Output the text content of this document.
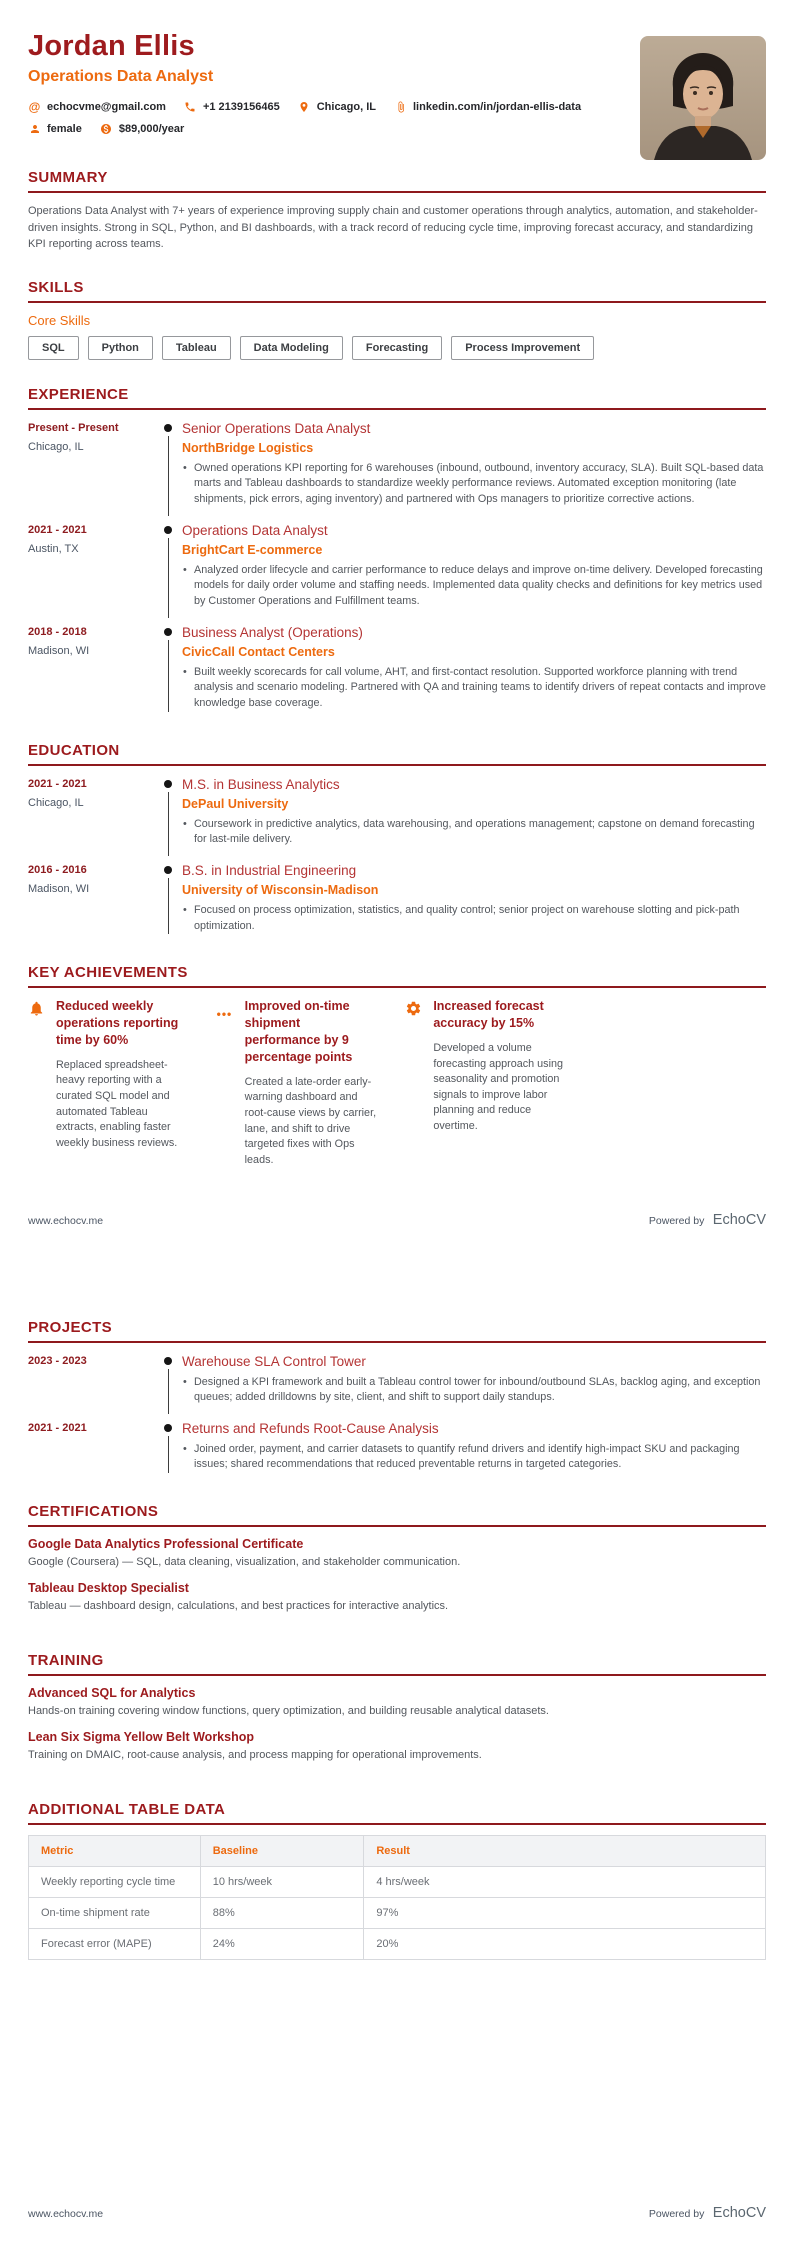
Jordan Ellis
Operations Data Analyst
@ echocvme@gmail.com	+1 2139156465	Chicago, IL	linkedin.com/in/jordan-ellis-data
female	$89,000/year
SUMMARY

Operations Data Analyst with 7+ years of experience improving supply chain and customer operations through analytics, automation, and stakeholder-driven insights. Strong in SQL, Python, and BI dashboards, with a track record of reducing cycle time, improving forecast accuracy, and standardizing KPI reporting across teams.

SKILLS
Core Skills
SQL	Python	Tableau	Data Modeling	Forecasting	Process Improvement
EXPERIENCE
Present - Present
Chicago, IL
Senior Operations Data Analyst
NorthBridge Logistics
• Owned operations KPI reporting for 6 warehouses (inbound, outbound, inventory accuracy, SLA). Built SQL-based data marts and Tableau dashboards to standardize weekly performance reviews. Automated exception monitoring (late shipments, pick errors, aging inventory) and partnered with Ops managers to prioritize corrective actions.
2021 - 2021
Austin, TX
Operations Data Analyst
BrightCart E-commerce
• Analyzed order lifecycle and carrier performance to reduce delays and improve on-time delivery. Developed forecasting models for daily order volume and staffing needs. Implemented data quality checks and definitions for key metrics used by Customer Operations and Fulfillment teams.
2018 - 2018
Madison, WI
Business Analyst (Operations)
CivicCall Contact Centers
• Built weekly scorecards for call volume, AHT, and first-contact resolution. Supported workforce planning with trend analysis and scenario modeling. Partnered with QA and training teams to identify drivers of repeat contacts and improve knowledge base coverage.
EDUCATION
2021 - 2021
Chicago, IL
M.S. in Business Analytics
DePaul University
• Coursework in predictive analytics, data warehousing, and operations management; capstone on demand forecasting for last-mile delivery.
2016 - 2016
Madison, WI
B.S. in Industrial Engineering
University of Wisconsin-Madison
• Focused on process optimization, statistics, and quality control; senior project on warehouse slotting and pick-path optimization.
KEY ACHIEVEMENTS
Reduced weekly operations reporting time by 60%
Replaced spreadsheet-heavy reporting with a curated SQL model and automated Tableau extracts, enabling faster weekly business reviews.
•••
Improved on-time shipment performance by 9 percentage points
Created a late-order early-warning dashboard and root-cause views by carrier, lane, and shift to drive targeted fixes with Ops leads.
Increased forecast accuracy by 15%
Developed a volume forecasting approach using seasonality and promotion signals to improve labor planning and reduce overtime.
www.echocv.me	Powered by EchoCV
PROJECTS
2023 - 2023	Warehouse SLA Control Tower
• Designed a KPI framework and built a Tableau control tower for inbound/outbound SLAs, backlog aging, and exception queues; added drilldowns by site, client, and shift to support daily standups.
2021 - 2021	Returns and Refunds Root-Cause Analysis
• Joined order, payment, and carrier datasets to quantify refund drivers and identify high-impact SKU and packaging issues; shared recommendations that reduced preventable returns in targeted categories.
CERTIFICATIONS
Google Data Analytics Professional Certificate
Google (Coursera) — SQL, data cleaning, visualization, and stakeholder communication.
Tableau Desktop Specialist
Tableau — dashboard design, calculations, and best practices for interactive analytics.
TRAINING
Advanced SQL for Analytics
Hands-on training covering window functions, query optimization, and building reusable analytical datasets.
Lean Six Sigma Yellow Belt Workshop
Training on DMAIC, root-cause analysis, and process mapping for operational improvements.
ADDITIONAL TABLE DATA
Metric	Baseline	Result
Weekly reporting cycle time	10 hrs/week	4 hrs/week
On-time shipment rate	88%	97%
Forecast error (MAPE)	24%	20%
www.echocv.me	Powered by EchoCV
